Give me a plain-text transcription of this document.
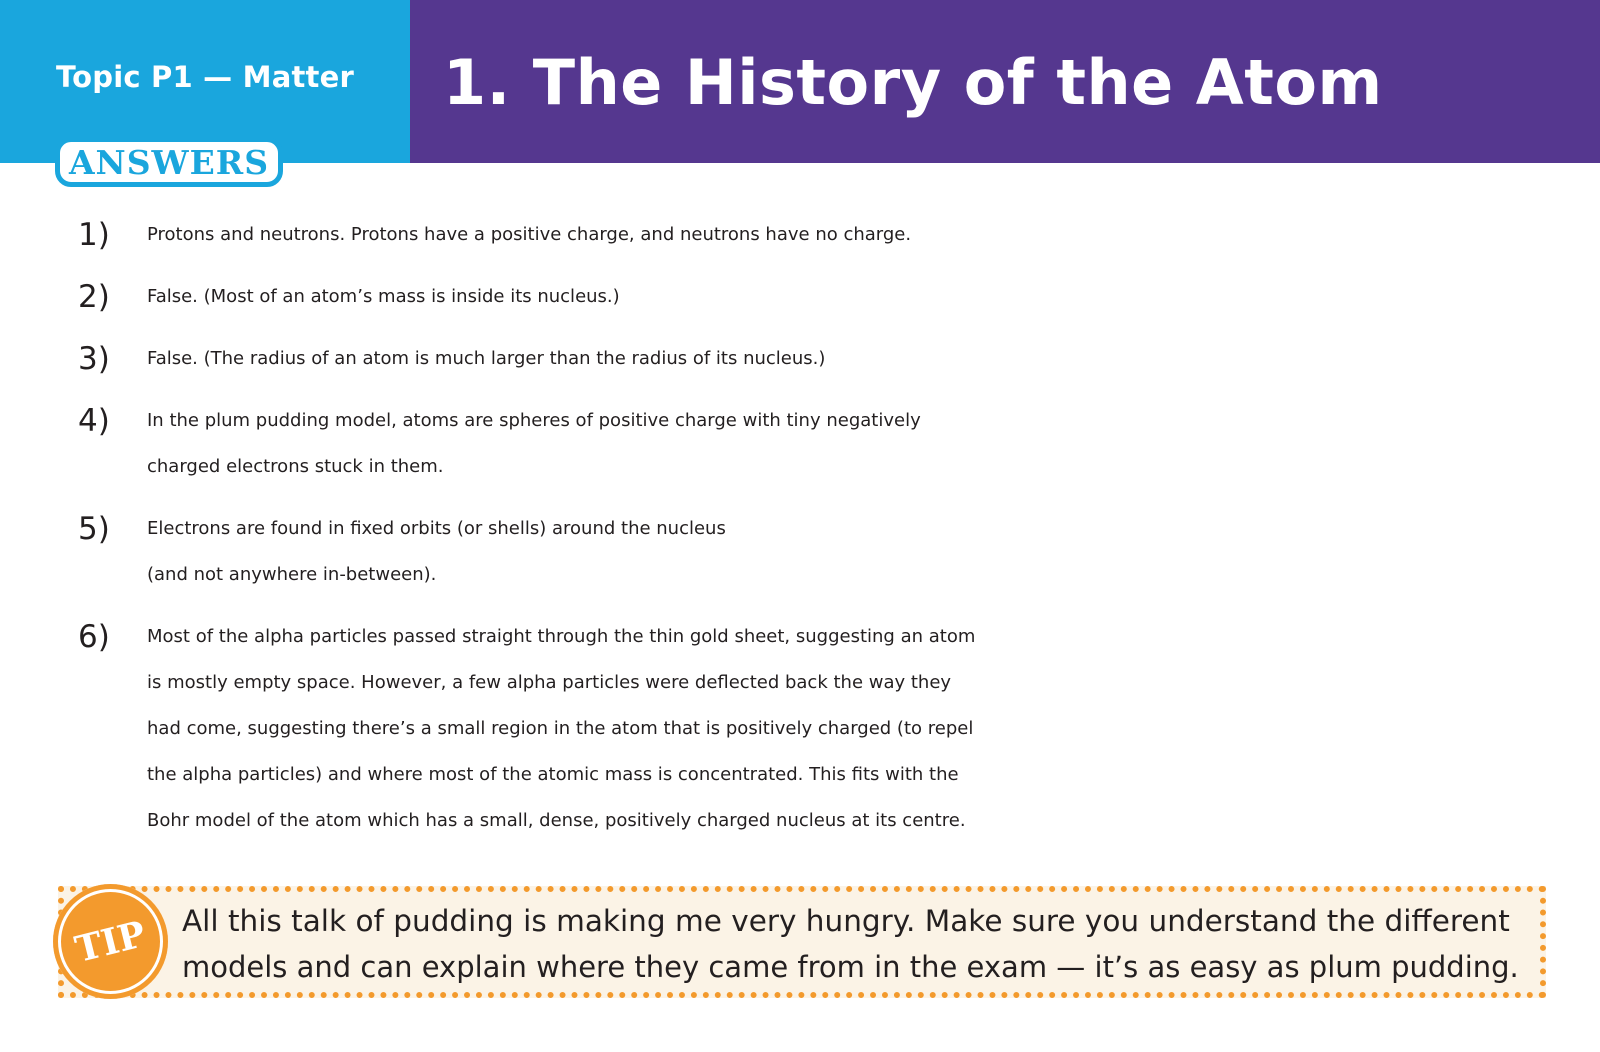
Topic P1 — Matter 1. The History of the Atom
ANSWERS
1)	Protons and neutrons. Protons have a positive charge, and neutrons have no charge.
2)	False. (Most of an atom’s mass is inside its nucleus.)
3)	False. (The radius of an atom is much larger than the radius of its nucleus.)
4)	In the plum pudding model, atoms are spheres of positive charge with tiny negatively
charged electrons stuck in them.
5)	Electrons are found in fixed orbits (or shells) around the nucleus
(and not anywhere in-between).
6)	Most of the alpha particles passed straight through the thin gold sheet, suggesting an atom
is mostly empty space. However, a few alpha particles were deflected back the way they
had come, suggesting there’s a small region in the atom that is positively charged (to repel
the alpha particles) and where most of the atomic mass is concentrated. This fits with the
Bohr model of the atom which has a small, dense, positively charged nucleus at its centre.
TIP All this talk of pudding is making me very hungry. Make sure you understand the different
models and can explain where they came from in the exam — it’s as easy as plum pudding.
